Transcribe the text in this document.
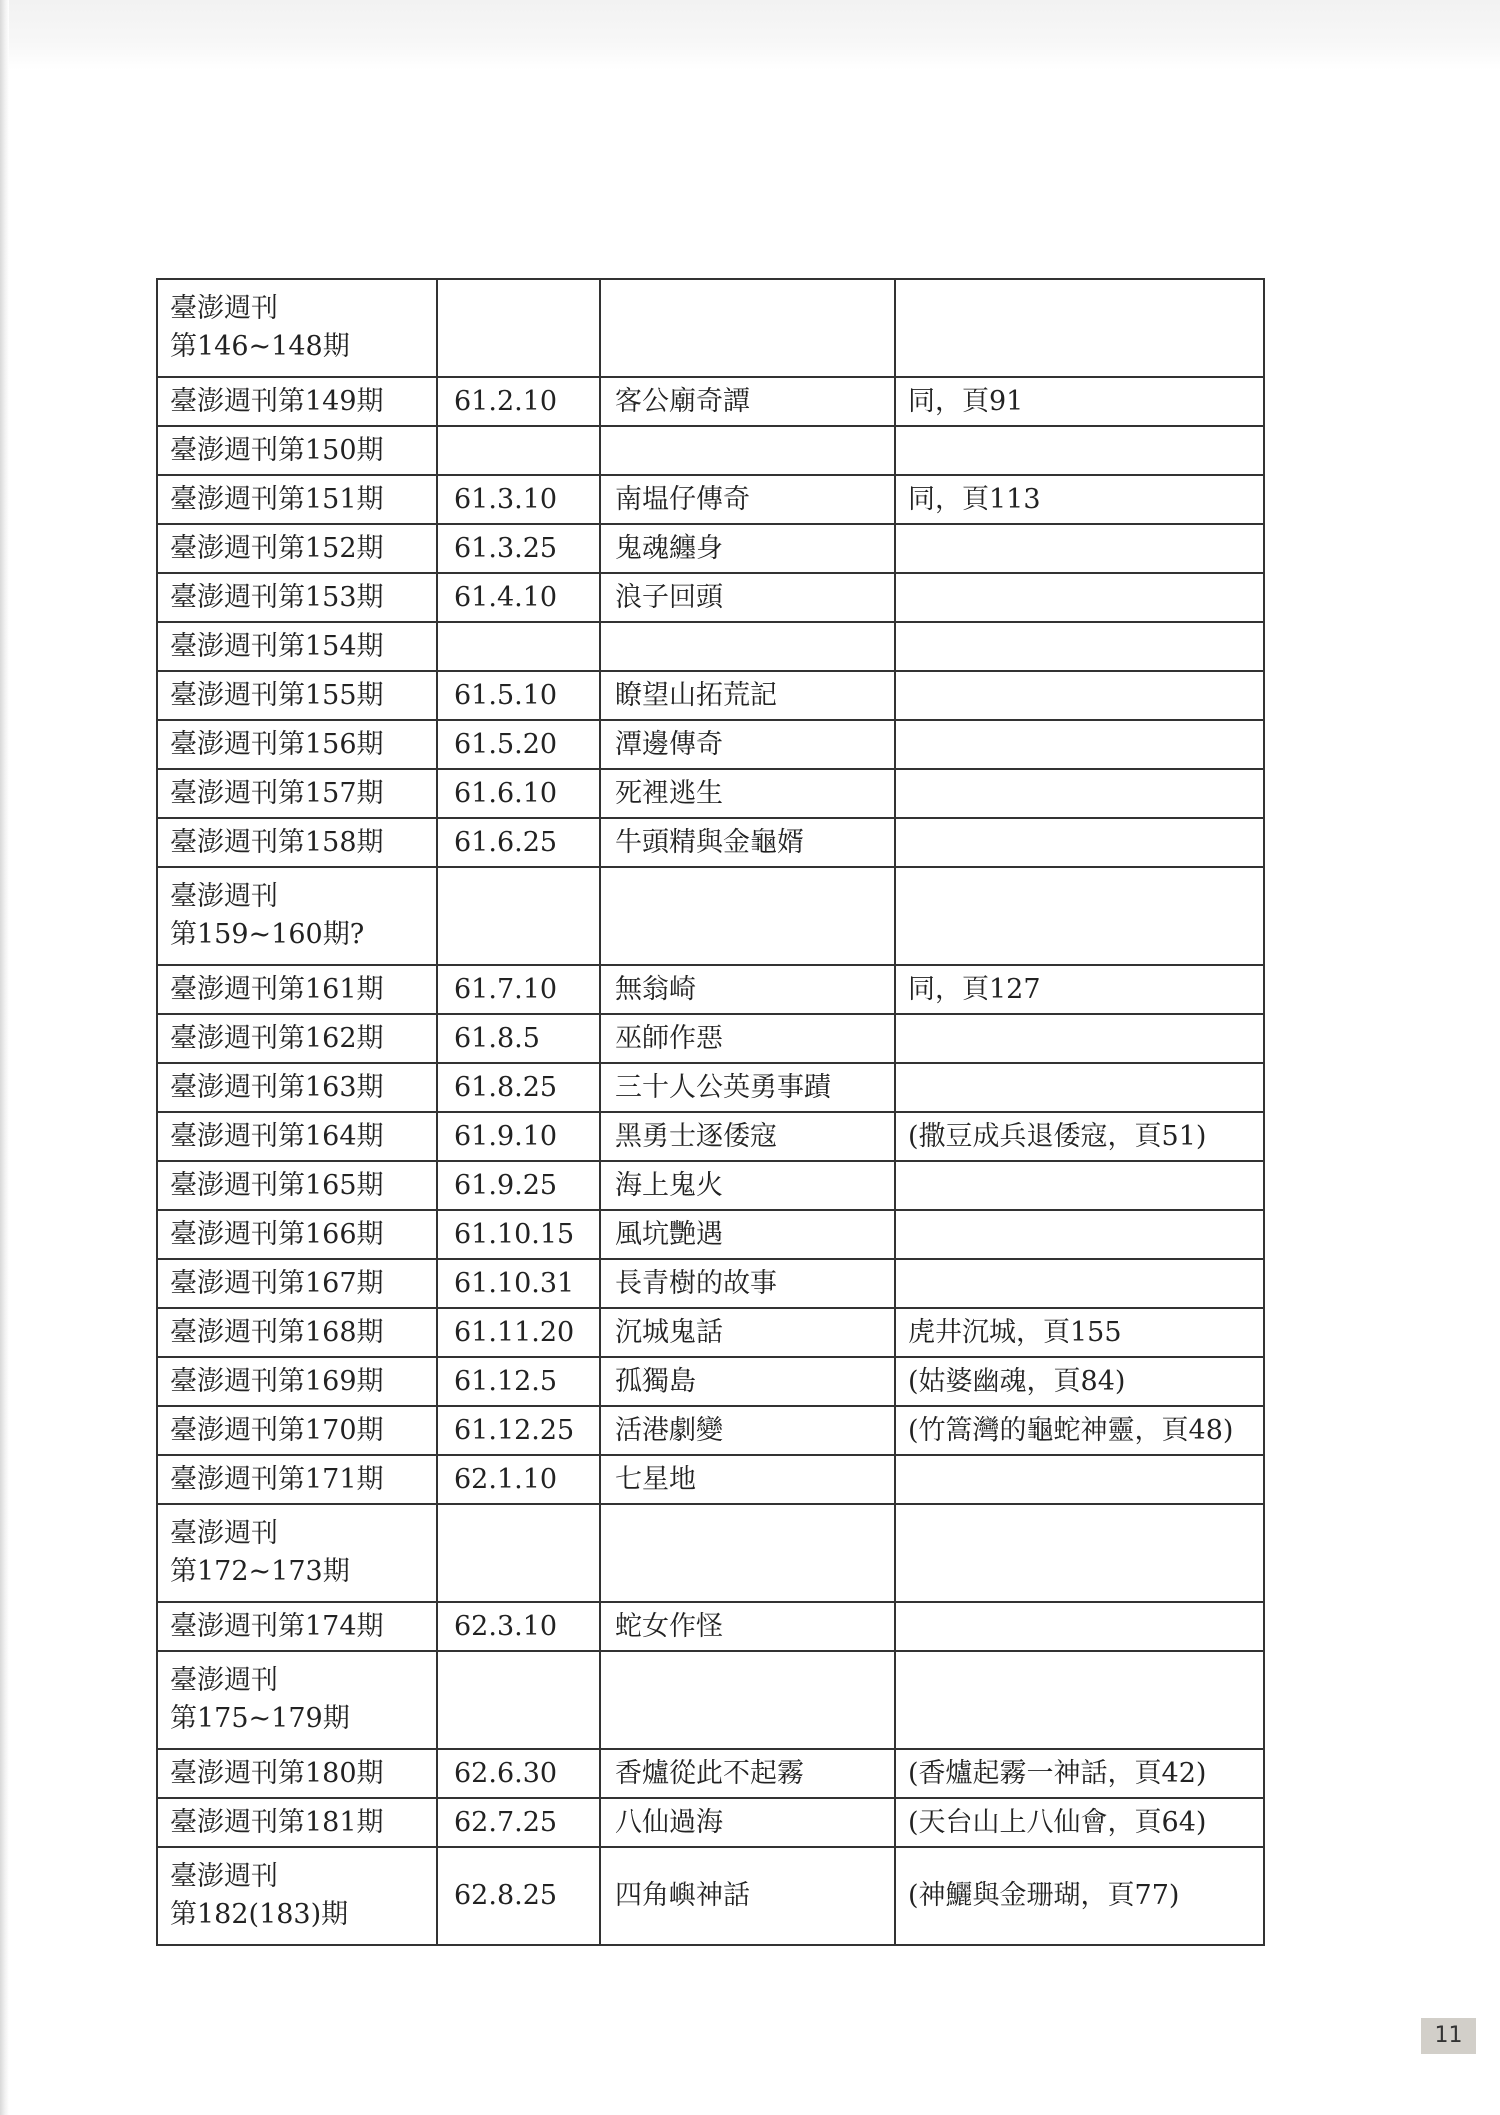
臺澎週刊
第146~148期			

臺澎週刊第149期	61.2.10	客公廟奇譚	同，頁91

臺澎週刊第150期			

臺澎週刊第151期	61.3.10	南塭仔傳奇	同，頁113

臺澎週刊第152期	61.3.25	鬼魂纏身	

臺澎週刊第153期	61.4.10	浪子回頭	

臺澎週刊第154期			

臺澎週刊第155期	61.5.10	瞭望山拓荒記	

臺澎週刊第156期	61.5.20	潭邊傳奇	

臺澎週刊第157期	61.6.10	死裡逃生	

臺澎週刊第158期	61.6.25	牛頭精與金龜婿	

臺澎週刊
第159~160期?			

臺澎週刊第161期	61.7.10	無翁崎	同，頁127

臺澎週刊第162期	61.8.5	巫師作惡	

臺澎週刊第163期	61.8.25	三十人公英勇事蹟	

臺澎週刊第164期	61.9.10	黑勇士逐倭寇	(撒豆成兵退倭寇，頁51)

臺澎週刊第165期	61.9.25	海上鬼火	

臺澎週刊第166期	61.10.15	風坑艷遇	

臺澎週刊第167期	61.10.31	長青樹的故事	

臺澎週刊第168期	61.11.20	沉城鬼話	虎井沉城，頁155

臺澎週刊第169期	61.12.5	孤獨島	(姑婆幽魂，頁84)

臺澎週刊第170期	61.12.25	活港劇變	(竹篙灣的龜蛇神靈，頁48)

臺澎週刊第171期	62.1.10	七星地	

臺澎週刊
第172~173期			

臺澎週刊第174期	62.3.10	蛇女作怪	

臺澎週刊
第175~179期			

臺澎週刊第180期	62.6.30	香爐從此不起霧	(香爐起霧一神話，頁42)

臺澎週刊第181期	62.7.25	八仙過海	(天台山上八仙會，頁64)

臺澎週刊
第182(183)期	62.8.25	四角嶼神話	(神鱺與金珊瑚，頁77)
11
